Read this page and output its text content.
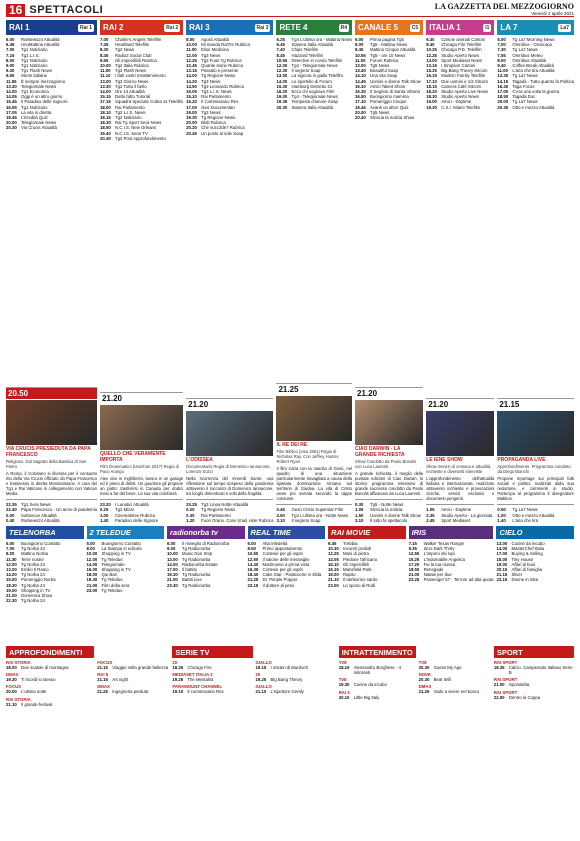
16 SPETTACOLI	LA GAZZETTA DEL MEZZOGIORNO
Venerdì 2 aprile 2021
RAI 1	Rai 1
6.00	RaiNews24 Attualità
6.45	UnoMattina Attualità
7.00	Tg1 Notiziario
7.15	Tg1 L.I.S.
8.00	Tg1 Notiziario
9.00	Tg1 Notiziario
9.30	Tg1 Flash News
9.55	Storie italiane
11.55	È sempre mezzogiorno
13.30 Telegiornale News
14.00 Tg1 Economia
14.05 Oggi è un altro giorno
15.45 Il Paradiso delle Signore
16.55 Tg1 Notiziario
17.05 La vita in diretta
18.45 L'Eredità Quiz
20.00 Telegiornale News
20.30 Via Crucis Attualità
20.50
VIA CRUCIS PRESIEDUTA DA PAPA FRANCESCO
Religioso. Dal Sagrato della Basilica di San Pietro
A Roma, il Colosseo si illumina per il consueto rito della Via Crucis officiato da Papa Francesco e trasmesso in diretta Mondovisione. A cura del Tg1 e Rai Vaticano in collegamento con Vatican Media.
22.35 Tg1 Sera News
22.40 Papa Francesco - Un anno di pandemia
0.00	Sottovoce Attualità
0.40	RaiNews24 Attualità
RAI 2	Rai 2
7.00	Charlie's Angels Telefilm
7.45	Heartland Telefilm
8.30	Tg2 News
8.45	Radio2 Social Club
9.55	Gli imperdibili Rubrica
10.00 Tg2 Italia Rubrica
11.00	Tg2 Flash News
11.10	I fatti vostri Intrattenimento
13.00 Tg2 Giorno News
13.30 Tg2 Tutto il bello
14.00 Ore 14 Attualità
15.15 Detto fatto Tutorial
17.15 Squadra Speciale Cobra 11 Telefilm
18.00 Rai Parlamento
18.10 Tg2 L.I.S. News
18.15 Tg2 Notiziario
18.30 Rai Tg Sport Sera News
18.50 N.C.I.S. New Orleans
19.40 N.C.I.S. Serie TV
20.30 Tg2 Post Approfondimento
21.20
QUELLO CHE VERAMENTE IMPORTA
Film Drammatico (Usa/Can 2017) Regia di Paco Arango
Alex vive in Inghilterra, lavora in un garage ed è pieno di debiti. Un guaritore gli propone un patto: trasferirsi in Canada per dodici mesi a far del bene. La sua vita cambierà.
23.20 I Lunatici Attualità
0.25	Tg2 Mizar
1.00	Cinematinee Rubrica
1.40	Paradiso delle Signore
RAI 3	Rai 3
8.00	Agorà Attualità
10.00 Mi manda RaiTre Rubrica
11.00	Elisir Medicina
12.00 Tg3 News
12.25 Tg3 Fuori Tg Rubrica
12.45 Quante storie Rubrica
13.15 Passato e presente
14.00 Tg Regione News
14.20 Tg3 News
14.50 Tg3 Leonardo Rubrica
15.05 Tg3 L.I.S. News
15.10 Rai Parlamento
15.20 Il Commissario Rex
17.00 Geo Documentari
19.00 Tg3 News
19.30 Tg Regione News
20.00 Blob Rubrica
20.20 Che succ3de? Rubrica
20.45 Un posto al sole Soap
21.20
L'ODISSEA
Documentario Regia di Domenico Iannacone, Lorenzo Sozzi
Nella ricorrenza del Venerdì Santo, una riflessione sul tempo sospeso della pandemia attraverso il racconto di Domenico Iannacone, tra luoghi dimenticati e volti della fragilità.
23.25 Tg3 Linea Notte Attualità
0.20	Tg Regione News
0.30	Rai Parlamento
1.20	Fuori Orario. Cose (mai) viste Rubrica
RETE 4	R4
6.25	Tg4 L'ultima ora - Mattina News
6.45	Stasera Italia Attualità
7.40	Chips Telefilm
8.45	Hazzard Telefilm
10.55 Detective in corsia Telefilm
12.00 Tg4 - Telegiornale News
12.30 Il segreto Soap
13.00 La signora in giallo Telefilm
14.00 Lo sportello di Forum
15.30 Hamburg Distretto 21
16.20 Ecco chi sognavo Film
19.00 Tg4 - Telegiornale News
19.35 Tempesta d'amore Soap
20.30 Stasera Italia Attualità
21.25
IL RE DEI RE
Film Biblico (Usa 1961) Regia di Nicholas Ray. Con Jeffrey Hunter, Robert Ryan
Il film inizia con la nascita di Gesù, nel quadro di una situazione particolarmente travagliata a causa della spietata dominazione romana sul territorio di Giudea. La vita di Cristo viene poi narrata secondo la tappe consuete.
0.45	Gesù Cristo Superstar Film
2.50	Tg4 L'ultima ora - Notte News
3.10	Il segreto Soap
CANALE 5	C5
6.00	Prima pagina Tg5
8.00	Tg5 - Mattina News
8.45	Mattino Cinque Attualità
10.55 Tg5 - ore 10 News
11.00	Forum Rubrica
13.00 Tg5 News
13.40 Beautiful Soap
14.10 Una vita Soap
14.45 Uomini e donne Talk Show
16.10 Amici Talent Show
16.30 Il Segreto di Santa Vittoria
16.50 Buongiorno mamma
17.10 Pomeriggio Cinque
18.45 Avanti un altro! Quiz
20.00 Tg5 News
20.40 Striscia la notizia Show
21.20
CIAO DARWIN - LA GRANDE RICHIESTA
Show Condotto da Paolo Bonolis con Luca Laurenti
A grande richiesta, il meglio delle puntate edizioni di Ciao Darwin, lo storico programma televisivo di grande successo condotto da Paolo Bonolis affiancato da Luca Laurenti.
0.30	Tg5 - Notte News
1.05	Striscia la notizia
1.50	Uomini e donne Talk Show
3.10	Il tutto fa spettacolo
ITALIA 1	I1
6.40	Cartoni animati Cartoni
8.40	Chicago Fire Telefilm
10.25 Chicago P.D. Telefilm
12.25 Studio Aperto News
13.00 Sport Mediaset News
13.15 I Simpson Cartoni
15.25 Big Bang Theory Sitcom
16.15 Modern Family Telefilm
17.10 Due uomini e 1/2 Sitcom
18.15 Camera Café Sitcom
18.20 Studio Aperto Live News
18.30 Studio Aperto News
19.00 Amici - Daytime
19.30 C.S.I. Miami Telefilm
21.20
LE IENE SHOW
Show Servizi di cronaca e attualità, inchieste e divertenti interviste
L'approfondimento dell'attualità italiana e internazionale, realizzato attraverso inchieste e provocazioni ciniche, servizi esclusivi e documenti pungenti.
1.05	Amici - Daytime
2.35	Studio Aperto - La giornata
2.45	Sport Mediaset
LA 7	La7
6.00	Tg La7 Morning News
7.00	Omnibus - Oroscopo
7.30	Tg La7 News
7.55	Omnibus Meteo
8.00	Omnibus Attualità
9.40	Coffee Break Attualità
11.00	L'aria che tira Attualità
13.30 Tg La7 News
14.15 Tagadà - Tutto quanto fa Politica
16.40 Taga Focus
17.00 C'era una volta la guerra
18.50 Tagadà Doc
20.00 Tg La7 News
20.35 Otto e mezzo Attualità
21.15
PROPAGANDA LIVE
Approfondimento. Programma condotto da Diego Bianchi
Propone reportage sui principali fatti sociali e politici, realizzati dalla sua redazione, e commenti in studio. Partecipa al programma il disegnatore Makkox.
0.50	Tg La7 News
1.00	Otto e mezzo Attualità
1.40	L'aria che tira
TELENORBA
5.00	Buongiorno Contatto
7.00	Tg Norba 24
8.00	Mattino Norba
11.30	Terre nostre
12.00 Tg Norba 24
13.00 Emilio Il Ramo
14.00 Tg Norba 24
15.00 Pomeriggio Norba
18.30 Tg Norba 24
19.00 Shopping in TV
21.00 Domenica Show
22.30 Tg Norba 24
2 TELEDUE
5.00	Buongiorno Contatto
8.00	La Stampa in edicola
10.00 Shopping in TV
12.00 Tg Teledue
14.00 Telegiornale
16.00 Shopping in TV
18.00 Qui Bari
19.30 Tg Teledue
21.00 Film della sera
23.00 Tg Teledue
radionorba tv
6.00	Il risveglio di Radionorba
9.00	Tg Radionorba
10.00 Music Non Stop
13.00 Tg Radionorba
14.00 Radionorba Estate
17.00 Il battito
19.30 Tg Radionorba
21.00 Battiti Live
23.30 Tg Radionorba
REAL TIME
6.00	Alta infedeltà
8.50	Primo appuntamento
10.50 Cortesie per gli ospiti
12.50 Il salone delle meraviglie
14.40 Matrimonio a prima vista
16.35 Cortesie per gli ospiti
18.40 Cake Star - Pasticcerie in sfida
21.25 Dr. Pimple Popper
23.15 Il dottore di peso
RAI MOVIE
6.45	Trebbia
10.30 Incontri proibiti
12.25 Mani di pietra
14.05 Piedone l'africano
16.10 Gli imperdibili
16.15 Mansfield Park
18.00 Rapito
21.10 Il tamburino sardo
23.00 Lo sposo di Rodi
IRIS
7.15	Walker Texas Ranger
9.35	Zero Dark Thirty
12.55 L'impero dei lupi
15.25 L'indomabile Angelica
17.20 Fai la tua mossa
18.50 Renegade
21.00 Natale per due
23.25 Passenger 57 - Terrore ad alta quota
CIELO
13.00 Cucine da incubo
14.00 MasterChef Italia
17.00 Buying & Selling
18.00 Tiny House
19.00 Affari al buio
20.15 Affari di famiglia
21.15 Sliver
23.15 Donne in lotta
APPROFONDIMENTI
RAI STORIA
18.00 Due scatole di montagna
DMAX
19.30 Ti ricordi lo stesso
FOCUS
20.00 L'ultima notte
RAI STORIA
21.10 Il grande festival
FOCUS
21.15 Viaggio nella grande bellezza
RAI 5
21.15 Art night
DMAX
21.25 Ingegneria perduta
SERIE TV
20
18.25 Chicago Fire
MEDIASET ITALIA 2
19.25 The Mentalist
PARAMOUNT CHANNEL
19.10 Il commissario Rex
GIALLO
19.15 I misteri di Murdoch
20
19.25 Big Bang Theory
GIALLO
21.10 L'ispettore Gently
INTRATTENIMENTO
TV8
18.15 Alessandro Borghese - 4 ristoranti
TV8
19.30 Cucine da incubo
RAI 4
20.10 Little Big Italy
TV8
20.30 Guess My Age
NOVE
20.30 Beat Wifi
DMAX
21.25 Vado a vivere nel bosco
SPORT
RAI SPORT
18.35 Calcio. Campionato Italiano Serie B
RAI SPORT
21.00 Sportabilia
RAI SPORT
22.00 Dentro la Coppa
